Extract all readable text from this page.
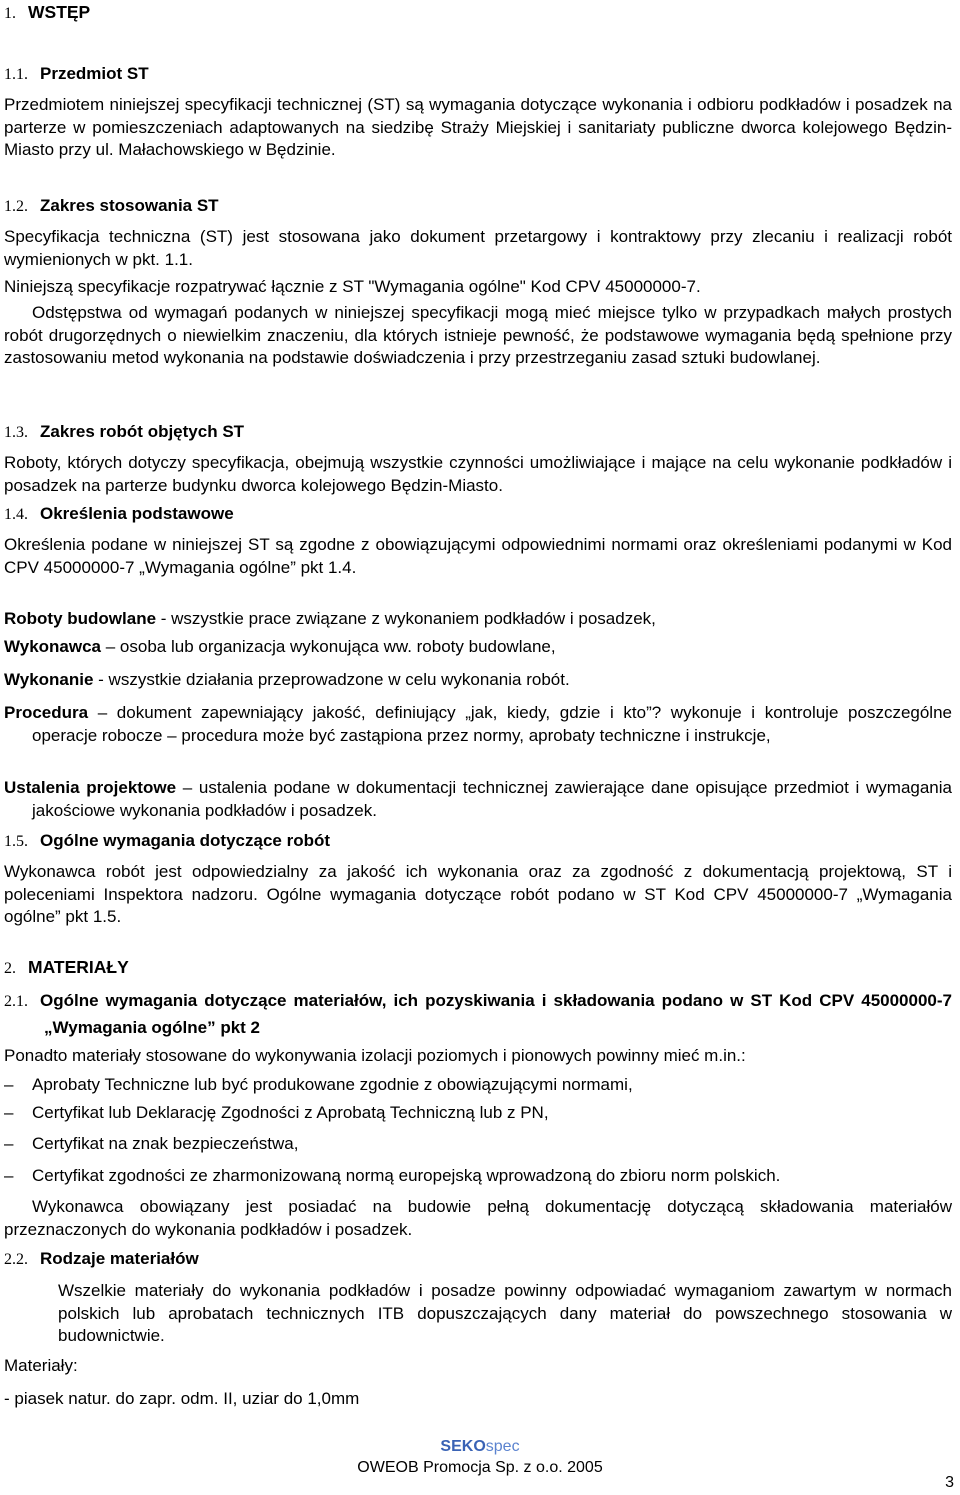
1. WSTĘP
1.1. Przedmiot ST

Przedmiotem niniejszej specyfikacji technicznej (ST) są wymagania dotyczące wykonania i odbioru podkładów i posadzek na parterze w pomieszczeniach adaptowanych na siedzibę Straży Miejskiej i sanitariaty publiczne dworca kolejowego Będzin-Miasto przy ul. Małachowskiego w Będzinie.

1.2. Zakres stosowania ST

Specyfikacja techniczna (ST) jest stosowana jako dokument przetargowy i kontraktowy przy zlecaniu i realizacji robót wymienionych w pkt. 1.1.

Niniejszą specyfikacje rozpatrywać łącznie z ST "Wymagania ogólne" Kod CPV 45000000-7.

Odstępstwa od wymagań podanych w niniejszej specyfikacji mogą mieć miejsce tylko w przypadkach małych prostych robót drugorzędnych o niewielkim znaczeniu, dla których istnieje pewność, że podstawowe wymagania będą spełnione przy zastosowaniu metod wykonania na podstawie doświadczenia i przy przestrzeganiu zasad sztuki budowlanej.

1.3. Zakres robót objętych ST

Roboty, których dotyczy specyfikacja, obejmują wszystkie czynności umożliwiające i mające na celu wykonanie podkładów i posadzek na parterze budynku dworca kolejowego Będzin-Miasto.

1.4. Określenia podstawowe

Określenia podane w niniejszej ST są zgodne z obowiązującymi odpowiednimi normami oraz określeniami podanymi w Kod CPV 45000000-7 „Wymagania ogólne” pkt 1.4.

Roboty budowlane - wszystkie prace związane z wykonaniem podkładów i posadzek,

Wykonawca – osoba lub organizacja wykonująca ww. roboty budowlane,

Wykonanie - wszystkie działania przeprowadzone w celu wykonania robót.

Procedura – dokument zapewniający jakość, definiujący „jak, kiedy, gdzie i kto”? wykonuje i kontroluje poszczególne operacje robocze – procedura może być zastąpiona przez normy, aprobaty techniczne i instrukcje,

Ustalenia projektowe – ustalenia podane w dokumentacji technicznej zawierające dane opisujące przedmiot i wymagania jakościowe wykonania podkładów i posadzek.

1.5. Ogólne wymagania dotyczące robót

Wykonawca robót jest odpowiedzialny za jakość ich wykonania oraz za zgodność z dokumentacją projektową, ST i poleceniami Inspektora nadzoru. Ogólne wymagania dotyczące robót podano w ST Kod CPV 45000000-7 „Wymagania ogólne” pkt 1.5.

2. MATERIAŁY
2.1. Ogólne wymagania dotyczące materiałów, ich pozyskiwania i składowania podano w ST Kod CPV 45000000-7 „Wymagania ogólne” pkt 2

Ponadto materiały stosowane do wykonywania izolacji poziomych i pionowych powinny mieć m.in.:

–	Aprobaty Techniczne lub być produkowane zgodnie z obowiązującymi normami,
–	Certyfikat lub Deklarację Zgodności z Aprobatą Techniczną lub z PN,
–	Certyfikat na znak bezpieczeństwa,
–	Certyfikat zgodności ze zharmonizowaną normą europejską wprowadzoną do zbioru norm polskich.

Wykonawca obowiązany jest posiadać na budowie pełną dokumentację dotyczącą składowania materiałów przeznaczonych do wykonania podkładów i posadzek.

2.2. Rodzaje materiałów

Wszelkie materiały do wykonania podkładów i posadze powinny odpowiadać wymaganiom zawartym w normach polskich lub aprobatach technicznych ITB dopuszczających dany materiał do powszechnego stosowania w budownictwie.

Materiały:

- piasek natur. do zapr. odm. II, uziar do 1,0mm

SEKOspec
OWEOB Promocja Sp. z o.o. 2005
3
